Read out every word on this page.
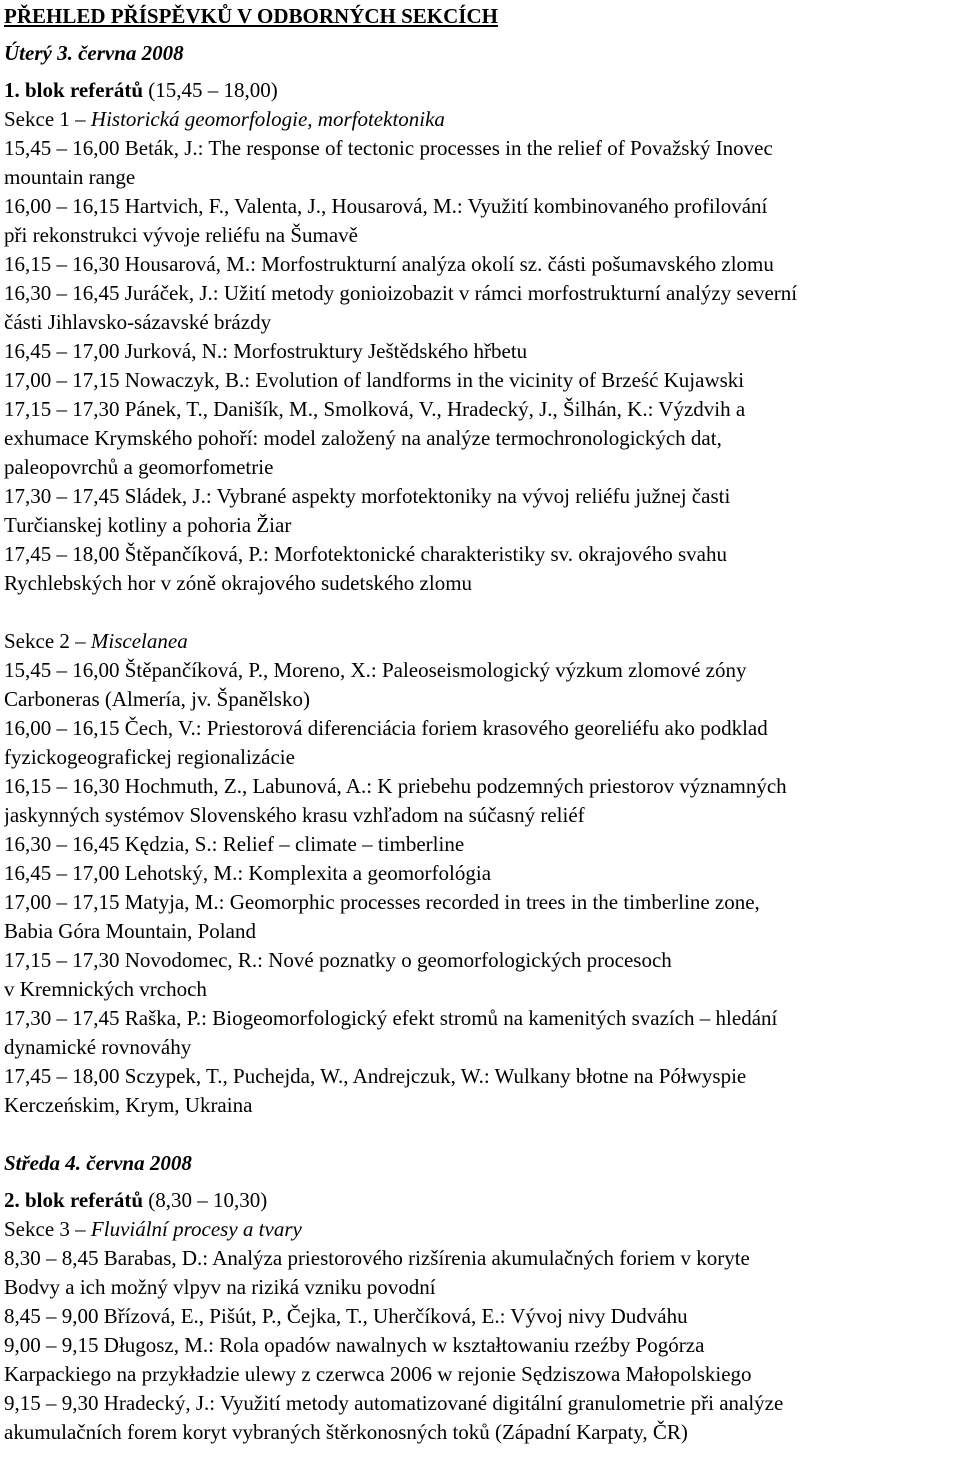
PŘEHLED PŘÍSPĚVKŮ V ODBORNÝCH SEKCÍCH
Úterý 3. června 2008
1. blok referátů (15,45 – 18,00)
Sekce 1 – Historická geomorfologie, morfotektonika
15,45 – 16,00 Beták, J.: The response of tectonic processes in the relief of Považský Inovec
mountain range
16,00 – 16,15 Hartvich, F., Valenta, J., Housarová, M.: Využití kombinovaného profilování
při rekonstrukci vývoje reliéfu na Šumavě
16,15 – 16,30 Housarová, M.: Morfostrukturní analýza okolí sz. části pošumavského zlomu
16,30 – 16,45 Juráček, J.: Užití metody gonioizobazit v rámci morfostrukturní analýzy severní
části Jihlavsko-sázavské brázdy
16,45 – 17,00 Jurková, N.: Morfostruktury Ještědského hřbetu
17,00 – 17,15 Nowaczyk, B.: Evolution of landforms in the vicinity of Brześć Kujawski
17,15 – 17,30 Pánek, T., Danišík, M., Smolková, V., Hradecký, J., Šilhán, K.: Výzdvih a
exhumace Krymského pohoří: model založený na analýze termochronologických dat,
paleopovrchů a geomorfometrie
17,30 – 17,45 Sládek, J.: Vybrané aspekty morfotektoniky na vývoj reliéfu južnej časti
Turčianskej kotliny a pohoria Žiar
17,45 – 18,00 Štěpančíková, P.: Morfotektonické charakteristiky sv. okrajového svahu
Rychlebských hor v zóně okrajového sudetského zlomu
Sekce 2 – Miscelanea
15,45 – 16,00 Štěpančíková, P., Moreno, X.: Paleoseismologický výzkum zlomové zóny
Carboneras (Almería, jv. Španělsko)
16,00 – 16,15 Čech, V.: Priestorová diferenciácia foriem krasového georeliéfu ako podklad
fyzickogeografickej regionalizácie
16,15 – 16,30 Hochmuth, Z., Labunová, A.: K priebehu podzemných priestorov významných
jaskynných systémov Slovenského krasu vzhľadom na súčasný reliéf
16,30 – 16,45 Kędzia, S.: Relief – climate – timberline
16,45 – 17,00 Lehotský, M.: Komplexita a geomorfológia
17,00 – 17,15 Matyja, M.: Geomorphic processes recorded in trees in the timberline zone,
Babia Góra Mountain, Poland
17,15 – 17,30 Novodomec, R.: Nové poznatky o geomorfologických procesoch
v Kremnických vrchoch
17,30 – 17,45 Raška, P.: Biogeomorfologický efekt stromů na kamenitých svazích – hledání
dynamické rovnováhy
17,45 – 18,00 Sczypek, T., Puchejda, W., Andrejczuk, W.: Wulkany błotne na Półwyspie
Kerczeńskim, Krym, Ukraina
Středa 4. června 2008
2. blok referátů (8,30 – 10,30)
Sekce 3 – Fluviální procesy a tvary
8,30 – 8,45 Barabas, D.: Analýza priestorového rizšírenia akumulačných foriem v koryte
Bodvy a ich možný vlpyv na riziká vzniku povodní
8,45 – 9,00 Břízová, E., Pišút, P., Čejka, T., Uherčíková, E.: Vývoj nivy Dudváhu
9,00 – 9,15 Długosz, M.: Rola opadów nawalnych w kształtowaniu rzeźby Pogórza
Karpackiego na przykładzie ulewy z czerwca 2006 w rejonie Sędziszowa Małopolskiego
9,15 – 9,30 Hradecký, J.: Využití metody automatizované digitální granulometrie při analýze
akumulačních forem koryt vybraných štěrkonosných toků (Západní Karpaty, ČR)
